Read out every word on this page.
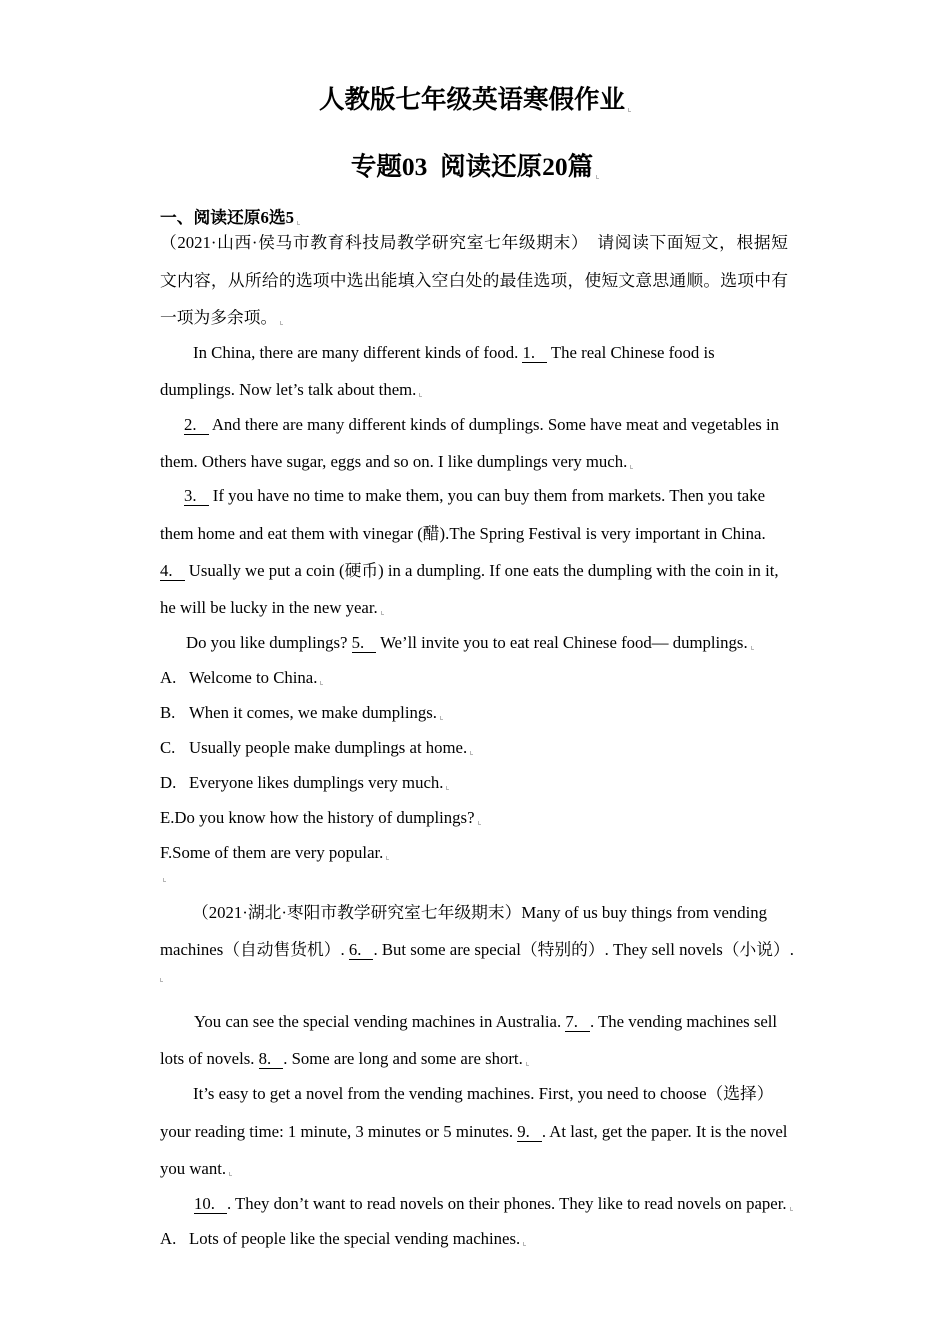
人教版七年级英语寒假作业
专题03  阅读还原20篇
一、阅读还原6选5
（2021·山西·侯马市教育科技局教学研究室七年级期末）　请阅读下面短文，根据短
文内容，从所给的选项中选出能填入空白处的最佳选项，使短文意思通顺。选项中有
一项为多余项。
In China, there are many different kinds of food. 1. The real Chinese food is
dumplings. Now let’s talk about them.
2. And there are many different kinds of dumplings. Some have meat and vegetables in
them. Others have sugar, eggs and so on. I like dumplings very much.
3. If you have no time to make them, you can buy them from markets. Then you take
them home and eat them with vinegar (醋).The Spring Festival is very important in China.
4. Usually we put a coin (硬币) in a dumpling. If one eats the dumpling with the coin in it,
he will be lucky in the new year.
Do you like dumplings? 5. We’ll invite you to eat real Chinese food— dumplings.
A. Welcome to China.
B. When it comes, we make dumplings.
C. Usually people make dumplings at home.
D. Everyone likes dumplings very much.
E.Do you know how the history of dumplings?
F.Some of them are very popular.
（2021·湖北·枣阳市教学研究室七年级期末）Many of us buy things from vending
machines（自动售货机）. 6. . But some are special（特别的）. They sell novels（小说）.
You can see the special vending machines in Australia. 7. . The vending machines sell
lots of novels. 8. . Some are long and some are short.
It’s easy to get a novel from the vending machines. First, you need to choose（选择）
your reading time: 1 minute, 3 minutes or 5 minutes. 9. . At last, get the paper. It is the novel
you want.
10. . They don’t want to read novels on their phones. They like to read novels on paper.
A. Lots of people like the special vending machines.
